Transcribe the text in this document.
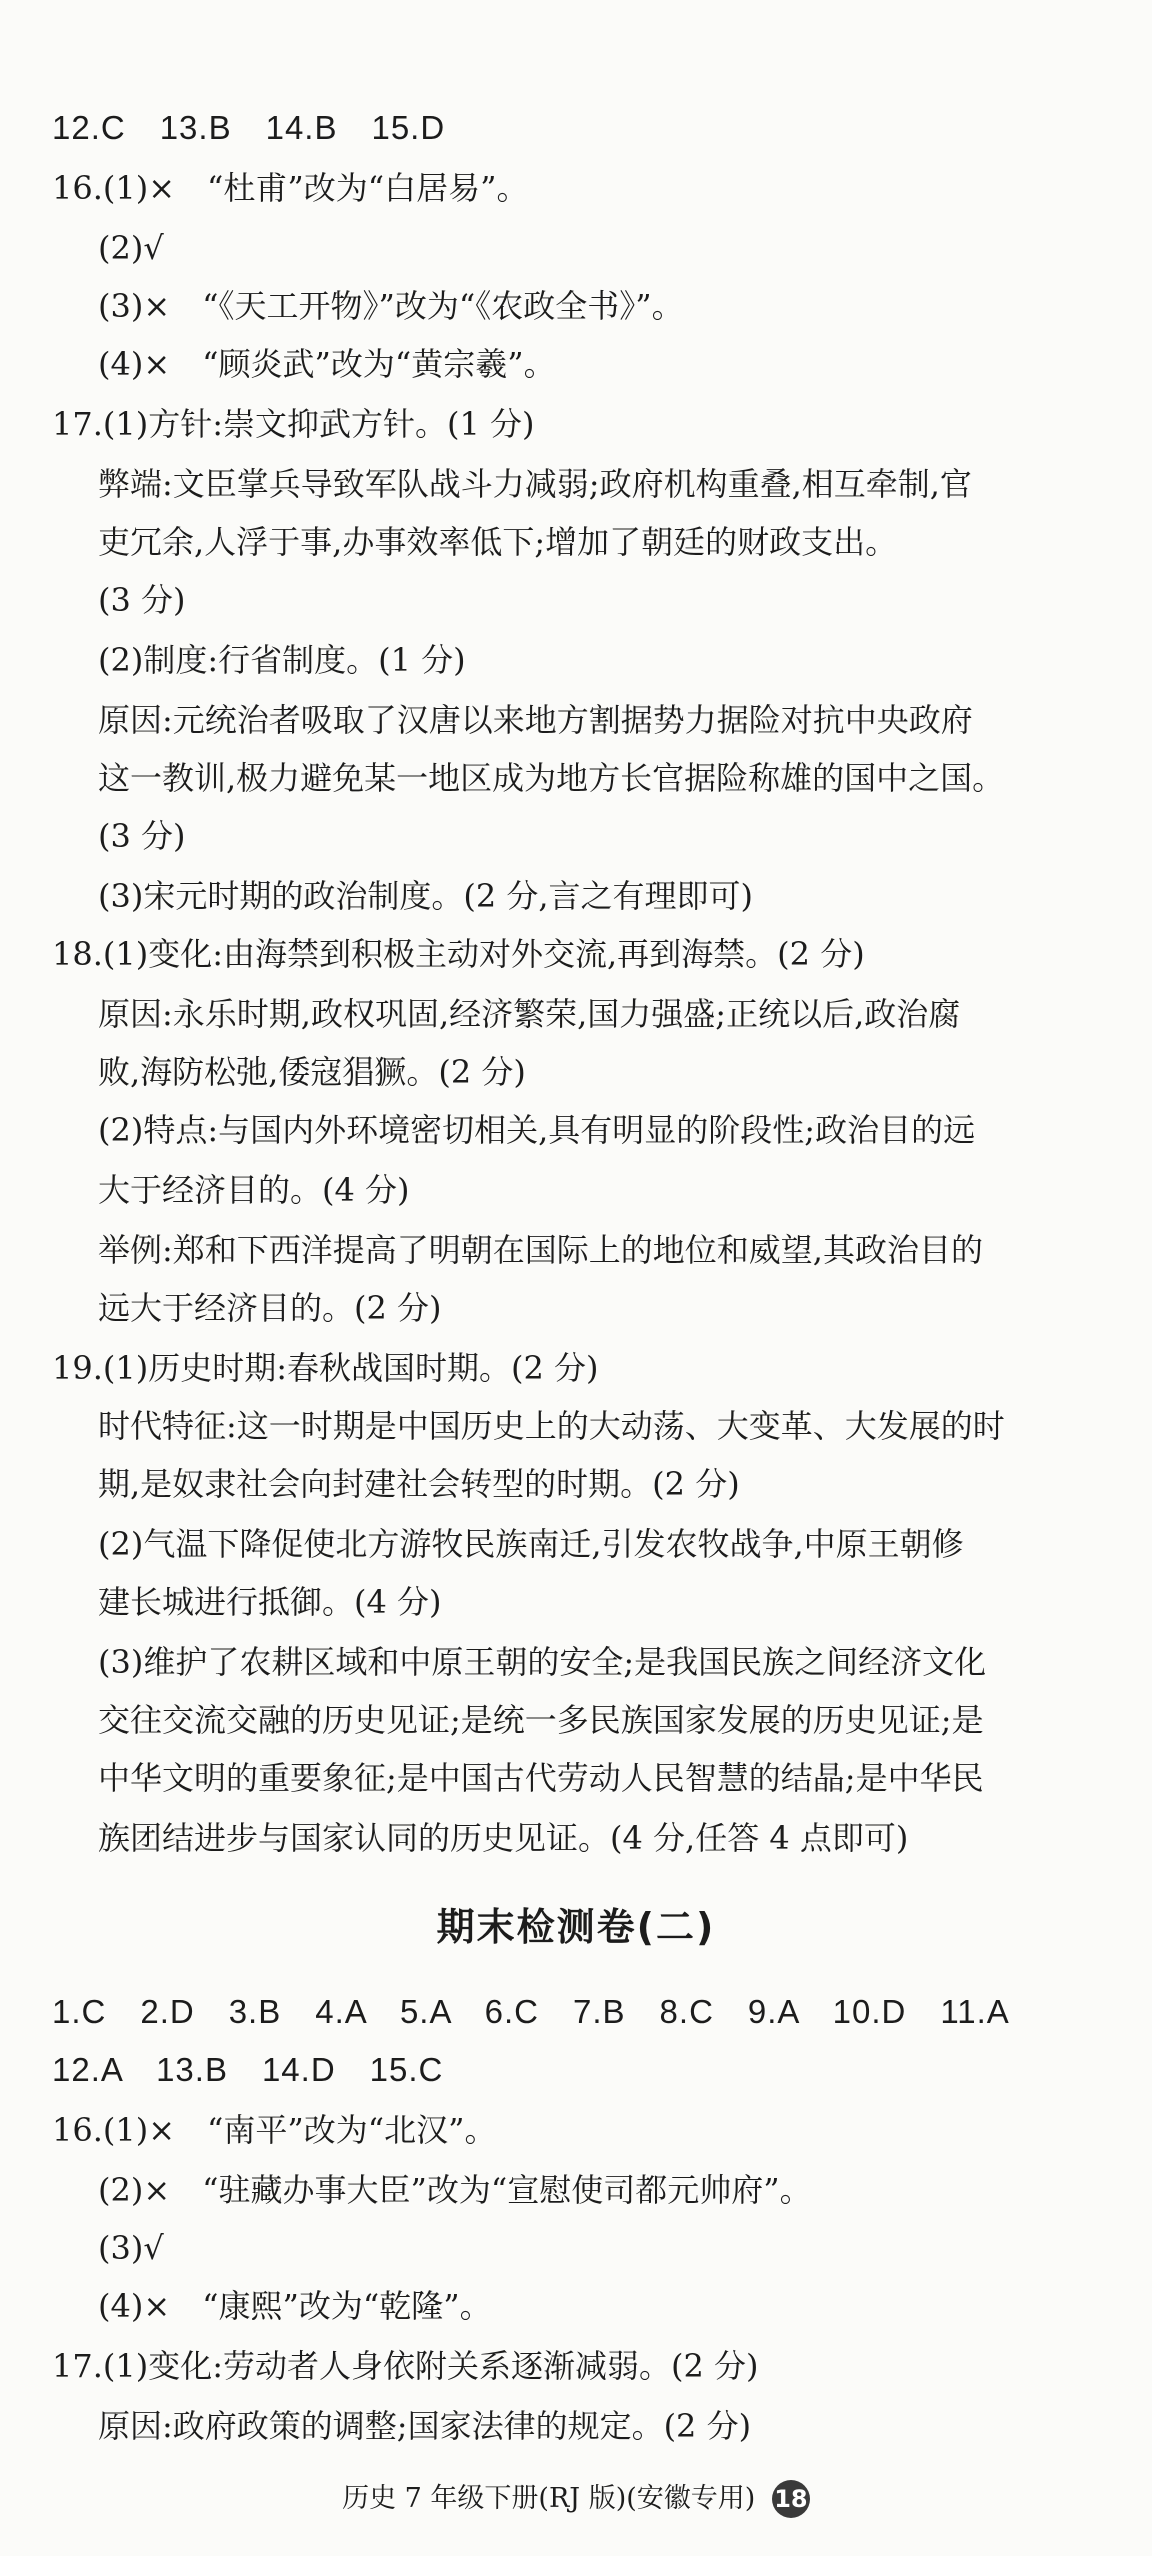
12.C　13.B　14.B　15.D
16.(1)×　“杜甫”改为“白居易”。
(2)√
(3)×　“《天工开物》”改为“《农政全书》”。
(4)×　“顾炎武”改为“黄宗羲”。
17.(1)方针:崇文抑武方针。(1 分)
弊端:文臣掌兵导致军队战斗力减弱;政府机构重叠,相互牵制,官
吏冗余,人浮于事,办事效率低下;增加了朝廷的财政支出。
(3 分)
(2)制度:行省制度。(1 分)
原因:元统治者吸取了汉唐以来地方割据势力据险对抗中央政府
这一教训,极力避免某一地区成为地方长官据险称雄的国中之国。
(3 分)
(3)宋元时期的政治制度。(2 分,言之有理即可)
18.(1)变化:由海禁到积极主动对外交流,再到海禁。(2 分)
原因:永乐时期,政权巩固,经济繁荣,国力强盛;正统以后,政治腐
败,海防松弛,倭寇猖獗。(2 分)
(2)特点:与国内外环境密切相关,具有明显的阶段性;政治目的远
大于经济目的。(4 分)
举例:郑和下西洋提高了明朝在国际上的地位和威望,其政治目的
远大于经济目的。(2 分)
19.(1)历史时期:春秋战国时期。(2 分)
时代特征:这一时期是中国历史上的大动荡、大变革、大发展的时
期,是奴隶社会向封建社会转型的时期。(2 分)
(2)气温下降促使北方游牧民族南迁,引发农牧战争,中原王朝修
建长城进行抵御。(4 分)
(3)维护了农耕区域和中原王朝的安全;是我国民族之间经济文化
交往交流交融的历史见证;是统一多民族国家发展的历史见证;是
中华文明的重要象征;是中国古代劳动人民智慧的结晶;是中华民
族团结进步与国家认同的历史见证。(4 分,任答 4 点即可)
期末检测卷(二)
1.C　2.D　3.B　4.A　5.A　6.C　7.B　8.C　9.A　10.D　11.A
12.A　13.B　14.D　15.C
16.(1)×　“南平”改为“北汉”。
(2)×　“驻藏办事大臣”改为“宣慰使司都元帅府”。
(3)√
(4)×　“康熙”改为“乾隆”。
17.(1)变化:劳动者人身依附关系逐渐减弱。(2 分)
原因:政府政策的调整;国家法律的规定。(2 分)
历史 7 年级下册(RJ 版)(安徽专用) 18
